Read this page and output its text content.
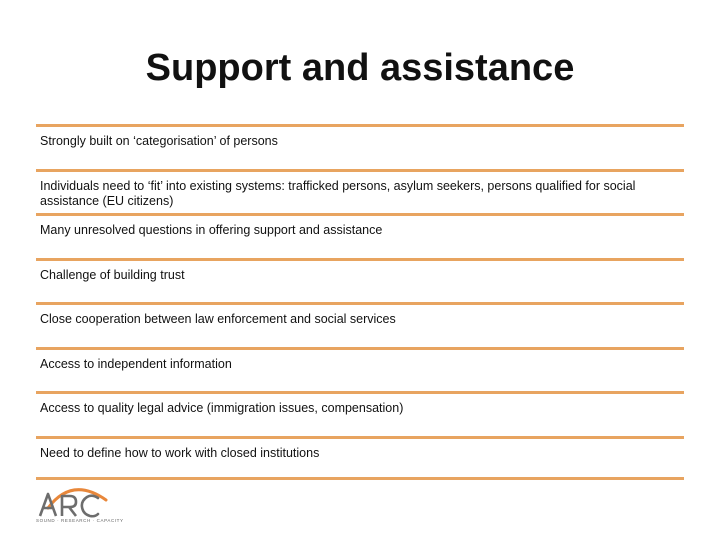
Support and assistance
Strongly built on ‘categorisation’ of persons
Individuals need to ‘fit’ into existing systems: trafficked persons, asylum seekers, persons qualified for social assistance (EU citizens)
Many unresolved questions in offering support and assistance
Challenge of building trust
Close cooperation between law enforcement and social services
Access to independent information
Access to quality legal advice (immigration issues, compensation)
Need to define how to work with closed institutions
SOUND · RESEARCH · CAPACITY
